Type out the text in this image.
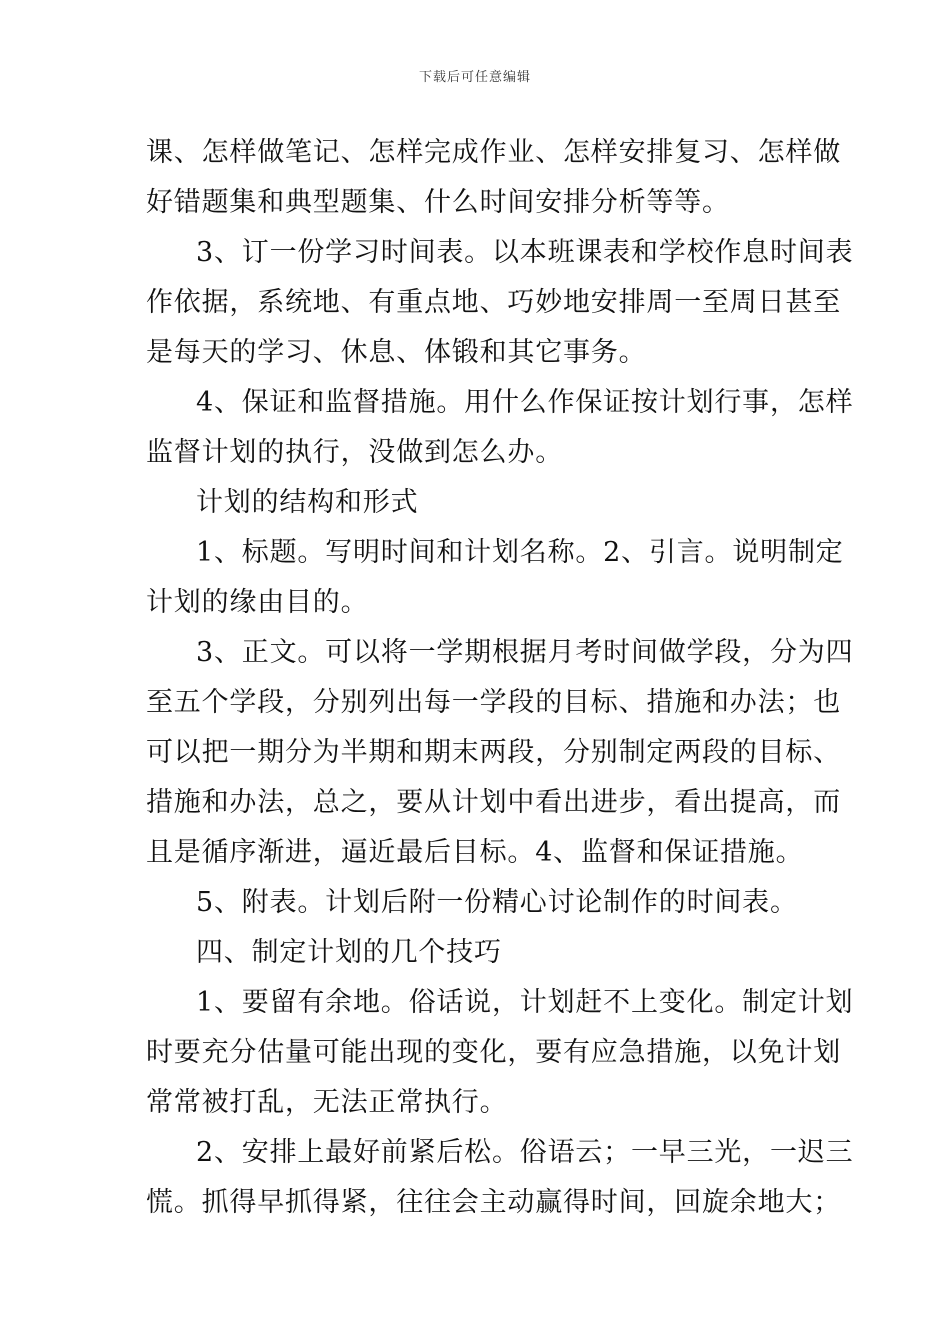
下载后可任意编辑
课、怎样做笔记、怎样完成作业、怎样安排复习、怎样做
好错题集和典型题集、什么时间安排分析等等。
3、订一份学习时间表。以本班课表和学校作息时间表
作依据，系统地、有重点地、巧妙地安排周一至周日甚至
是每天的学习、休息、体锻和其它事务。
4、保证和监督措施。用什么作保证按计划行事，怎样
监督计划的执行，没做到怎么办。
计划的结构和形式
1、标题。写明时间和计划名称。2、引言。说明制定
计划的缘由目的。
3、正文。可以将一学期根据月考时间做学段，分为四
至五个学段，分别列出每一学段的目标、措施和办法；也
可以把一期分为半期和期末两段，分别制定两段的目标、
措施和办法，总之，要从计划中看出进步，看出提高，而
且是循序渐进，逼近最后目标。4、监督和保证措施。
5、附表。计划后附一份精心讨论制作的时间表。
四、制定计划的几个技巧
1、要留有余地。俗话说，计划赶不上变化。制定计划
时要充分估量可能出现的变化，要有应急措施，以免计划
常常被打乱，无法正常执行。
2、安排上最好前紧后松。俗语云；一早三光，一迟三
慌。抓得早抓得紧，往往会主动赢得时间，回旋余地大；
